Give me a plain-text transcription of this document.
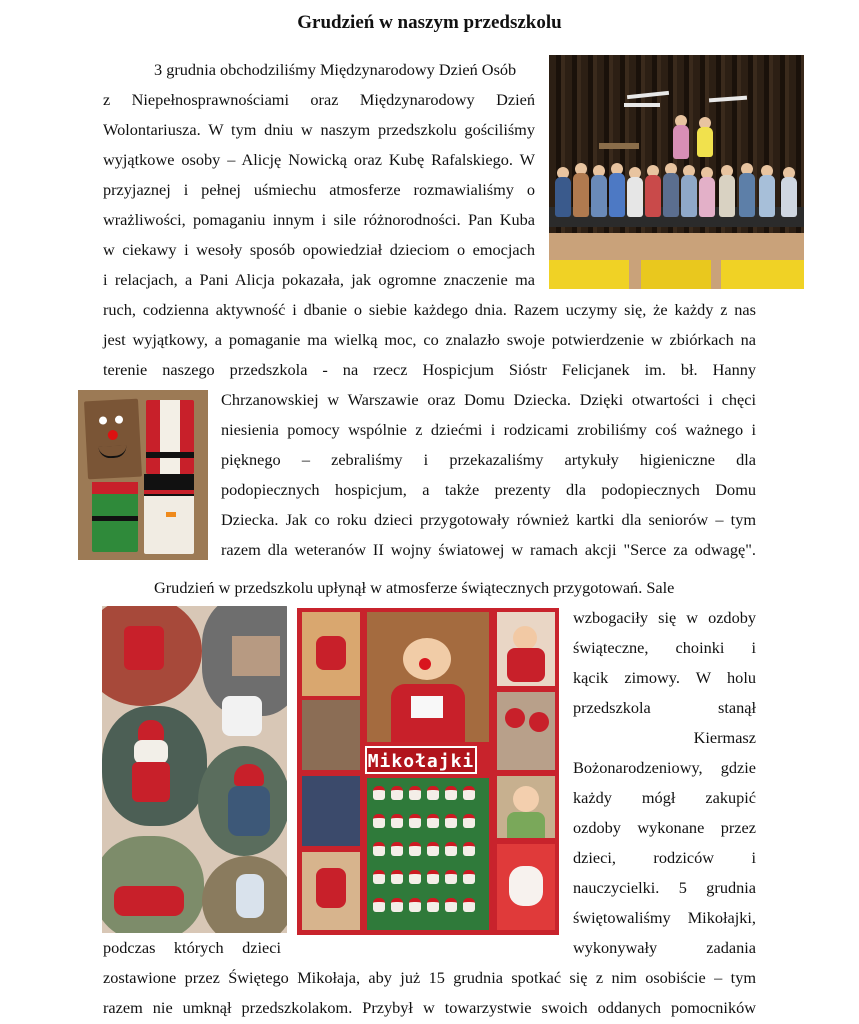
Grudzień w naszym przedszkolu
3 grudnia obchodziliśmy Międzynarodowy Dzień Osób
z Niepełnosprawnościami oraz Międzynarodowy Dzień
Wolontariusza. W tym dniu w naszym przedszkolu gościliśmy
wyjątkowe osoby – Alicję Nowicką oraz Kubę Rafalskiego. W
przyjaznej i pełnej uśmiechu atmosferze rozmawialiśmy o
wrażliwości, pomaganiu innym i sile różnorodności. Pan Kuba
w ciekawy i wesoły sposób opowiedział dzieciom o emocjach
i relacjach, a Pani Alicja pokazała, jak ogromne znaczenie ma
ruch, codzienna aktywność i dbanie o siebie każdego dnia. Razem uczymy się, że każdy z nas
jest wyjątkowy, a pomaganie ma wielką moc, co znalazło swoje potwierdzenie w zbiórkach na
terenie naszego przedszkola - na rzecz Hospicjum Sióstr Felicjanek im. bł. Hanny
Chrzanowskiej w Warszawie oraz Domu Dziecka. Dzięki otwartości i chęci
niesienia pomocy wspólnie z dziećmi i rodzicami zrobiliśmy coś ważnego i
pięknego – zebraliśmy i przekazaliśmy artykuły higieniczne dla
podopiecznych hospicjum, a także prezenty dla podopiecznych Domu
Dziecka. Jak co roku dzieci przygotowały również kartki dla seniorów – tym
razem dla weteranów II wojny światowej w ramach akcji "Serce za odwagę".
Grudzień w przedszkolu upłynął w atmosferze świątecznych przygotowań. Sale
wzbogaciły się w ozdoby
świąteczne, choinki i
kącik zimowy. W holu
przedszkola stanął
Kiermasz
Bożonarodzeniowy, gdzie
każdy mógł zakupić
ozdoby wykonane przez
dzieci, rodziców i
nauczycielki. 5 grudnia
świętowaliśmy Mikołajki,
wykonywały zadania
podczas których dzieci
zostawione przez Świętego Mikołaja, aby już 15 grudnia spotkać się z nim osobiście – tym
razem nie umknął przedszkolakom. Przybył w towarzystwie swoich oddanych pomocników
Mikołajki
